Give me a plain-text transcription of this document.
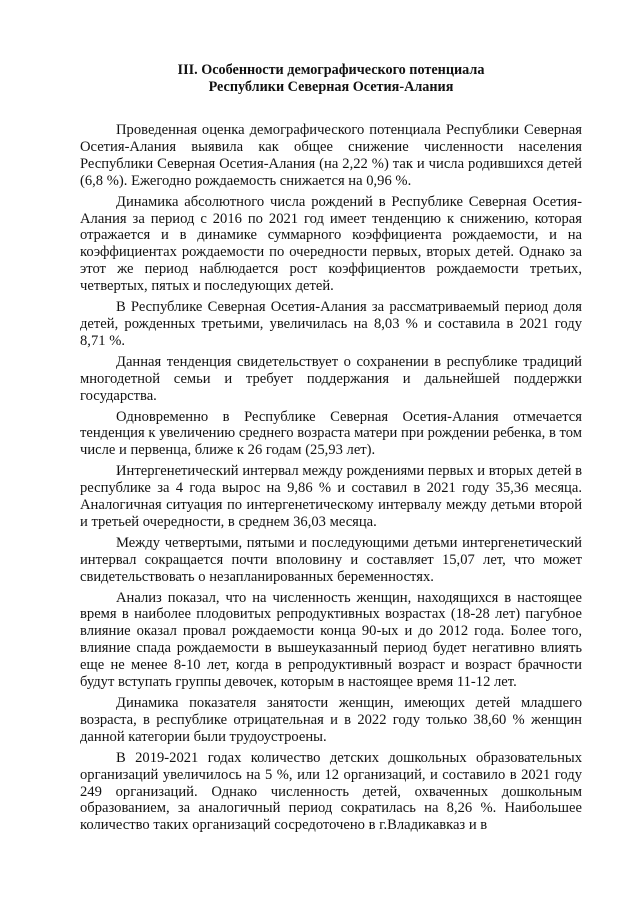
III. Особенности демографического потенциала
Республики Северная Осетия-Алания

Проведенная оценка демографического потенциала Республики Северная Осетия-Алания выявила как общее снижение численности населения Республики Северная Осетия-Алания (на 2,22 %) так и числа родившихся детей (6,8 %). Ежегодно рождаемость снижается на 0,96 %.

Динамика абсолютного числа рождений в Республике Северная Осетия-Алания за период с 2016 по 2021 год имеет тенденцию к снижению, которая отражается и в динамике суммарного коэффициента рождаемости, и на коэффициентах рождаемости по очередности первых, вторых детей. Однако за этот же период наблюдается рост коэффициентов рождаемости третьих, четвертых, пятых и последующих детей.

В Республике Северная Осетия-Алания за рассматриваемый период доля детей, рожденных третьими, увеличилась на 8,03 % и составила в 2021 году 8,71 %.

Данная тенденция свидетельствует о сохранении в республике традиций многодетной семьи и требует поддержания и дальнейшей поддержки государства.

Одновременно в Республике Северная Осетия-Алания отмечается тенденция к увеличению среднего возраста матери при рождении ребенка, в том числе и первенца, ближе к 26 годам (25,93 лет).

Интергенетический интервал между рождениями первых и вторых детей в республике за 4 года вырос на 9,86 % и составил в 2021 году 35,36 месяца. Аналогичная ситуация по интергенетическому интервалу между детьми второй и третьей очередности, в среднем 36,03 месяца.

Между четвертыми, пятыми и последующими детьми интергенетический интервал сокращается почти вполовину и составляет 15,07 лет, что может свидетельствовать о незапланированных беременностях.

Анализ показал, что на численность женщин, находящихся в настоящее время в наиболее плодовитых репродуктивных возрастах (18-28 лет) пагубное влияние оказал провал рождаемости конца 90-ых и до 2012 года. Более того, влияние спада рождаемости в вышеуказанный период будет негативно влиять еще не менее 8-10 лет, когда в репродуктивный возраст и возраст брачности будут вступать группы девочек, которым в настоящее время 11-12 лет.

Динамика показателя занятости женщин, имеющих детей младшего возраста, в республике отрицательная и в 2022 году только 38,60 % женщин данной категории были трудоустроены.

В 2019-2021 годах количество детских дошкольных образовательных организаций увеличилось на 5 %, или 12 организаций, и составило в 2021 году 249 организаций. Однако численность детей, охваченных дошкольным образованием, за аналогичный период сократилась на 8,26 %. Наибольшее количество таких организаций сосредоточено в г.Владикавказ и в
